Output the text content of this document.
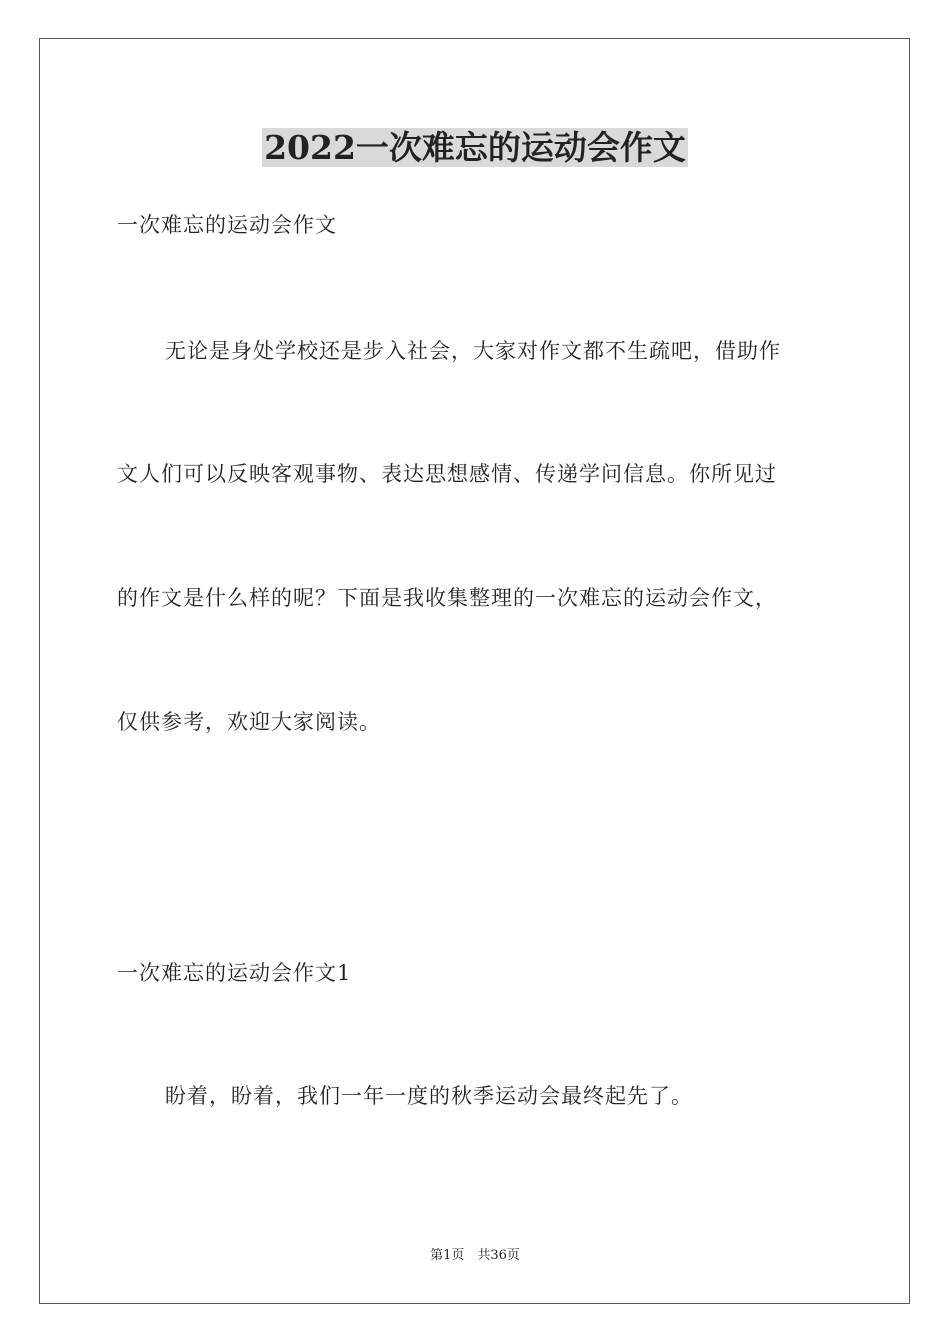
2022一次难忘的运动会作文
一次难忘的运动会作文
无论是身处学校还是步入社会，大家对作文都不生疏吧，借助作
文人们可以反映客观事物、表达思想感情、传递学问信息。你所见过
的作文是什么样的呢？下面是我收集整理的一次难忘的运动会作文，
仅供参考，欢迎大家阅读。
一次难忘的运动会作文1
盼着，盼着，我们一年一度的秋季运动会最终起先了。
第1页　共36页
